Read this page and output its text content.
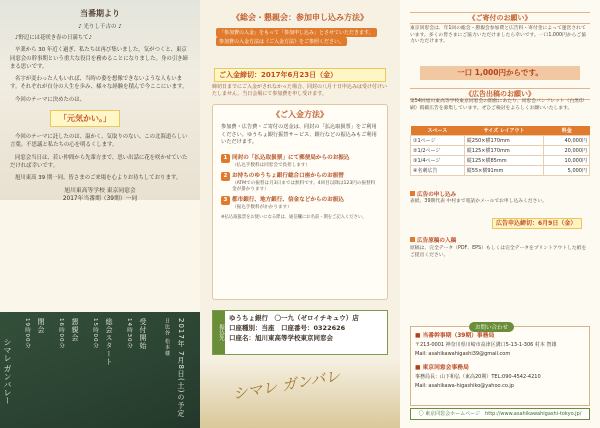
当番期より
♪ 光りし千古の ♪

♪野辺には花咲き春の日満ちて♪

卒業から 30 年近く過ぎ、私たちは再び集いました。気がつくと、東京同窓会の幹事期という重大な役目を務めることになりました。身の引き締まる思いです。

名字が変わった人もいれば、当時の姿を想像できないような人もいます。それぞれが自分の人生を歩み、様々な経験を積んで今ここにいます。

今回のテーマに決めたのは、

「元気かい。」

今回のテーマに託したのは、温かく、気取りのない、この北海道らしい言葉。不思議と私たちの心を明るくします。

同窓会当日は、若い仲間から先輩方まで、思い出話に花を咲かせていただければ幸いです。

旭川東高 39 期一同、皆さまのご来場を心よりお待ちしております。

旭川東高等学校 東京同窓会
2017年当番期（39期）一同
シマレ ガンバレー	2017年 7月8日(土)の予定
日比谷 松本楼
受付開始
14時30分
総会スタート
15時00分
懇親会
16時00分
閉会
19時00分
《総会・懇親会：参加申し込み方法》
「参加費の入金」をもって「参加申し込み」とさせていただきます。
参加費の入金方法は《ご入金方法》をご参照ください。
ご入金締切：2017年6月23日（金）
締切日までにご入金がされなかった場合、同封の八月十日申込みは受け付けいたしません。当日会場にて参加費を申し受けます。
《ご入金方法》
参加費・広告費・ご寄付の送金は、同封の「払込取扱票」をご利用ください。ゆうちょ銀行振替サービス、銀行などの振込みもご利用いただけます。
1 同封の「払込取扱票」にて郵便局からのお振込
（払込手数料は同窓会で負担します）
2 お持ちのゆうちょ銀行総合口座からのお振替
（ATMでの振替は月3日までは無料です。4回目以降は123円の振替料金が掛かります）
3 都市銀行、地方銀行、信金などからのお振込
（振込手数料がかかります）
※払込取扱票をお使いになる際は、通信欄にお名前・期をご記入ください。
振込先
ゆうちょ銀行　〇一九（ゼロイチキュウ）店
口座種別：当座　口座番号：0322626
口座名：旭川東高等学校東京同窓会
シマレ ガンバレ
《ご寄付のお願い》
東京同窓会は、年1回の総会・懇親会参加費と広告料・寄付金によって運営されています。多くの皆さまにご協力いただけましたら幸いです。一口1,000円からご協力いただけます。
一口 1,000円からです。
《広告出稿のお願い》
第54回旭川東高等学校東京同窓会の開催にあたり、同窓会パンフレット（白黒印刷）掲載広告を募集しています。ぜひご検討をよろしくお願いいたします。
スペース	サイズ レイアウト	料金
①1ページ	縦250×横170mm	40,000円
②1/2ページ	縦125×横170mm	20,000円
③1/4ページ	縦125×横85mm	10,000円
④名刺広告	縦55×横91mm	5,000円
広告の申し込み
表紙、39期代表 中村まで電話かメールでお申し込みください。
広告申込締切：6月9日（金）
広告原稿の入稿
原稿は、完全データ（PDF、EPS）もしくは完全データをプリントアウトした紙をご提出ください。
お問い合わせ
■ 当番幹事期（39期）事務局
〒213-0001 神奈川県川崎市高津区溝口5-13-1-306 村本 智雄
Mail: asahikawahigashi39@gmail.com
■ 東京同窓会事務局
事務局長：山下和弘（東高20期）TEL:090-4542-4210
Mail: asahikawa-higashiko@yahoo.co.jp
〇 東京同窓会ホームページ　http://www.asahikawahigashi-tokyo.jp/
